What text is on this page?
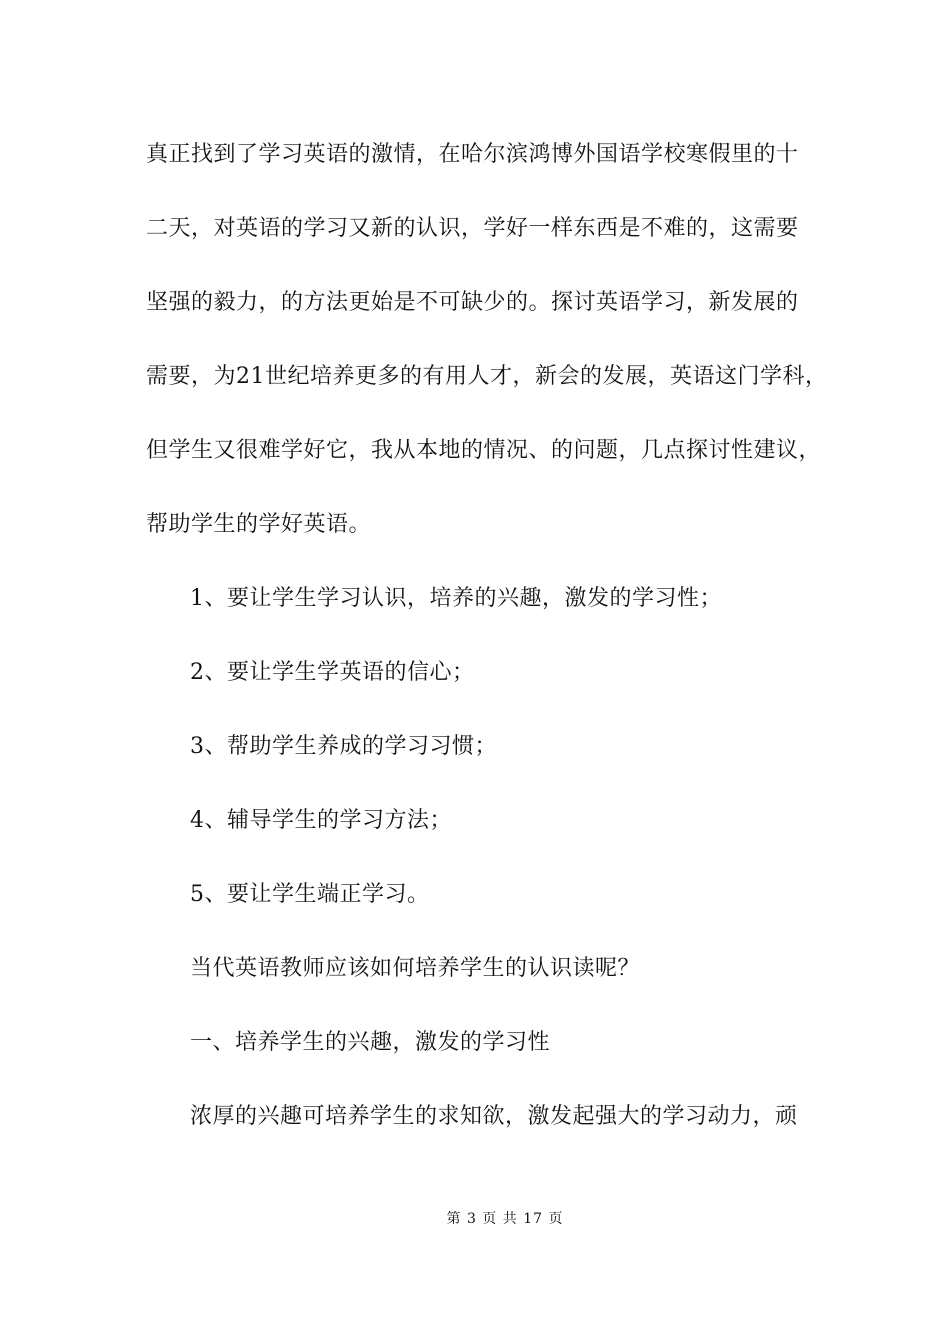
真正找到了学习英语的激情，在哈尔滨鸿博外国语学校寒假里的十
二天，对英语的学习又新的认识，学好一样东西是不难的，这需要
坚强的毅力，的方法更始是不可缺少的。探讨英语学习，新发展的
需要，为21世纪培养更多的有用人才，新会的发展，英语这门学科，
但学生又很难学好它，我从本地的情况、的问题，几点探讨性建议，
帮助学生的学好英语。
1、要让学生学习认识，培养的兴趣，激发的学习性；
2、要让学生学英语的信心；
3、帮助学生养成的学习习惯；
4、辅导学生的学习方法；
5、要让学生端正学习。
当代英语教师应该如何培养学生的认识读呢？
一、培养学生的兴趣，激发的学习性
浓厚的兴趣可培养学生的求知欲，激发起强大的学习动力，顽
第 3 页 共 17 页
